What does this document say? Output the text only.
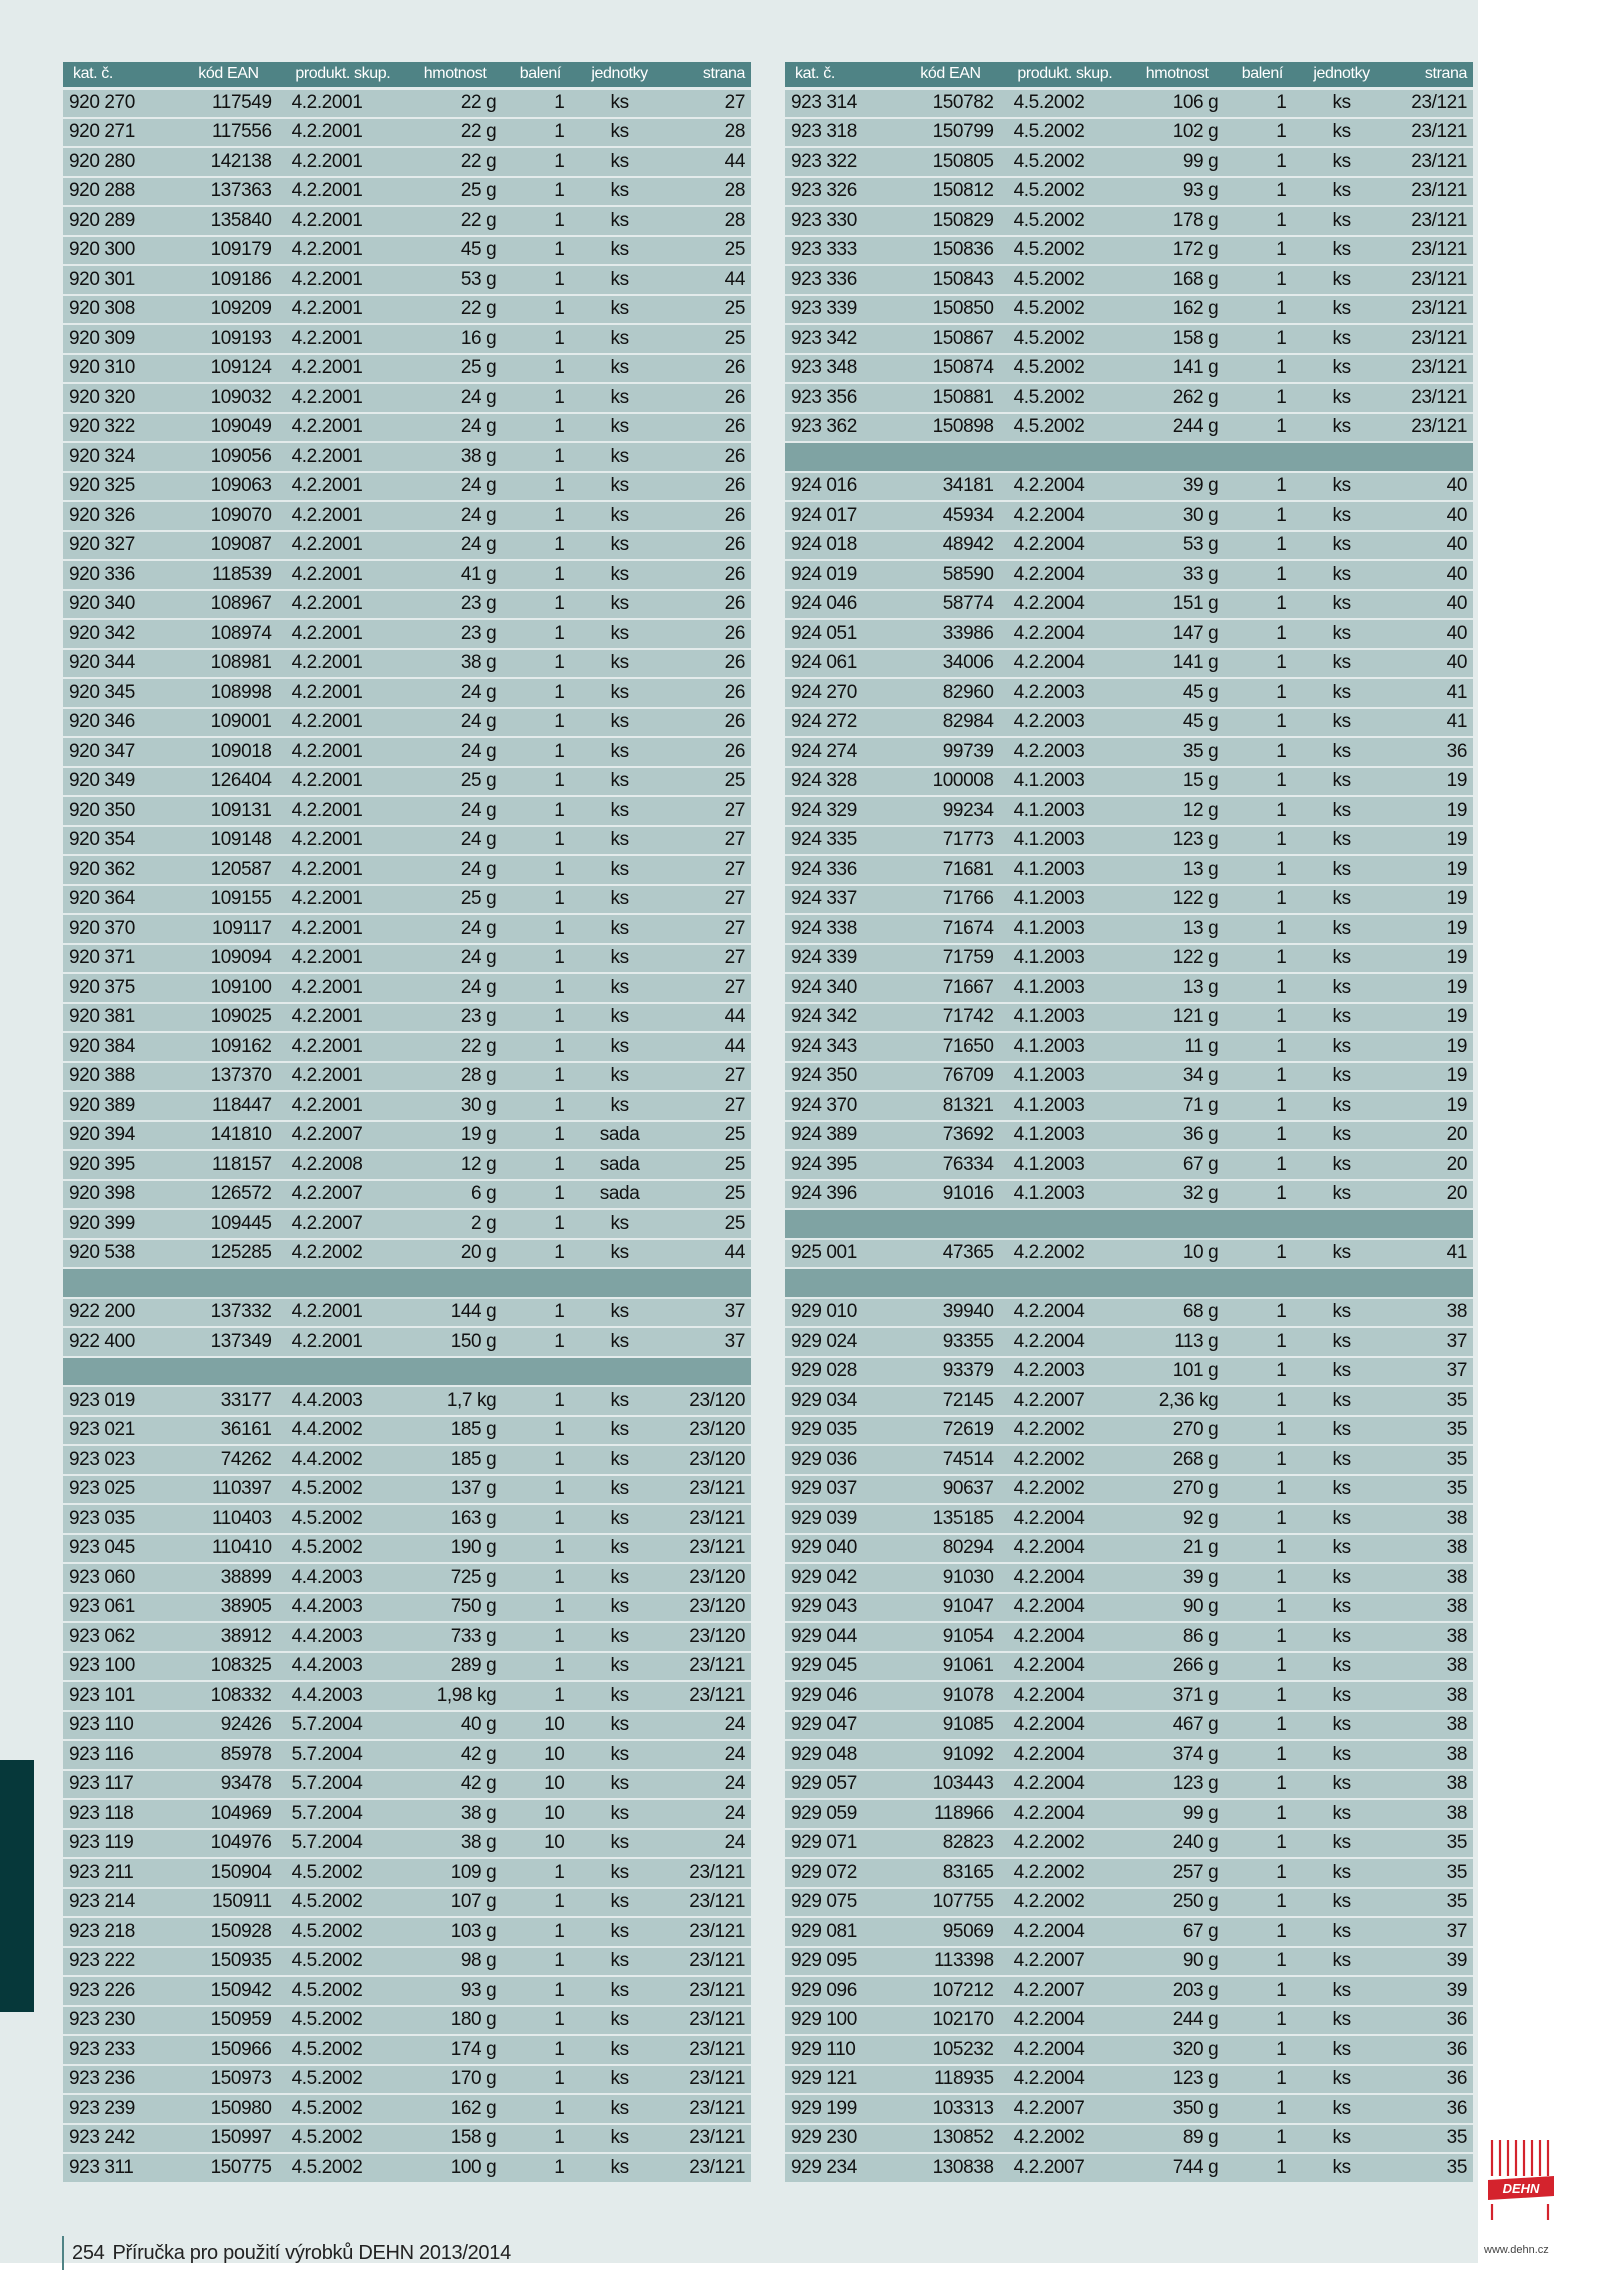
kat. č.	kód EAN	produkt. skup.	hmotnost	balení	jednotky	strana
920 270	117549	4.2.2001	22 g	1	ks	27
920 271	117556	4.2.2001	22 g	1	ks	28
920 280	142138	4.2.2001	22 g	1	ks	44
920 288	137363	4.2.2001	25 g	1	ks	28
920 289	135840	4.2.2001	22 g	1	ks	28
920 300	109179	4.2.2001	45 g	1	ks	25
920 301	109186	4.2.2001	53 g	1	ks	44
920 308	109209	4.2.2001	22 g	1	ks	25
920 309	109193	4.2.2001	16 g	1	ks	25
920 310	109124	4.2.2001	25 g	1	ks	26
920 320	109032	4.2.2001	24 g	1	ks	26
920 322	109049	4.2.2001	24 g	1	ks	26
920 324	109056	4.2.2001	38 g	1	ks	26
920 325	109063	4.2.2001	24 g	1	ks	26
920 326	109070	4.2.2001	24 g	1	ks	26
920 327	109087	4.2.2001	24 g	1	ks	26
920 336	118539	4.2.2001	41 g	1	ks	26
920 340	108967	4.2.2001	23 g	1	ks	26
920 342	108974	4.2.2001	23 g	1	ks	26
920 344	108981	4.2.2001	38 g	1	ks	26
920 345	108998	4.2.2001	24 g	1	ks	26
920 346	109001	4.2.2001	24 g	1	ks	26
920 347	109018	4.2.2001	24 g	1	ks	26
920 349	126404	4.2.2001	25 g	1	ks	25
920 350	109131	4.2.2001	24 g	1	ks	27
920 354	109148	4.2.2001	24 g	1	ks	27
920 362	120587	4.2.2001	24 g	1	ks	27
920 364	109155	4.2.2001	25 g	1	ks	27
920 370	109117	4.2.2001	24 g	1	ks	27
920 371	109094	4.2.2001	24 g	1	ks	27
920 375	109100	4.2.2001	24 g	1	ks	27
920 381	109025	4.2.2001	23 g	1	ks	44
920 384	109162	4.2.2001	22 g	1	ks	44
920 388	137370	4.2.2001	28 g	1	ks	27
920 389	118447	4.2.2001	30 g	1	ks	27
920 394	141810	4.2.2007	19 g	1	sada	25
920 395	118157	4.2.2008	12 g	1	sada	25
920 398	126572	4.2.2007	6 g	1	sada	25
920 399	109445	4.2.2007	2 g	1	ks	25
920 538	125285	4.2.2002	20 g	1	ks	44

922 200	137332	4.2.2001	144 g	1	ks	37
922 400	137349	4.2.2001	150 g	1	ks	37

923 019	33177	4.4.2003	1,7 kg	1	ks	23/120
923 021	36161	4.4.2002	185 g	1	ks	23/120
923 023	74262	4.4.2002	185 g	1	ks	23/120
923 025	110397	4.5.2002	137 g	1	ks	23/121
923 035	110403	4.5.2002	163 g	1	ks	23/121
923 045	110410	4.5.2002	190 g	1	ks	23/121
923 060	38899	4.4.2003	725 g	1	ks	23/120
923 061	38905	4.4.2003	750 g	1	ks	23/120
923 062	38912	4.4.2003	733 g	1	ks	23/120
923 100	108325	4.4.2003	289 g	1	ks	23/121
923 101	108332	4.4.2003	1,98 kg	1	ks	23/121
923 110	92426	5.7.2004	40 g	10	ks	24
923 116	85978	5.7.2004	42 g	10	ks	24
923 117	93478	5.7.2004	42 g	10	ks	24
923 118	104969	5.7.2004	38 g	10	ks	24
923 119	104976	5.7.2004	38 g	10	ks	24
923 211	150904	4.5.2002	109 g	1	ks	23/121
923 214	150911	4.5.2002	107 g	1	ks	23/121
923 218	150928	4.5.2002	103 g	1	ks	23/121
923 222	150935	4.5.2002	98 g	1	ks	23/121
923 226	150942	4.5.2002	93 g	1	ks	23/121
923 230	150959	4.5.2002	180 g	1	ks	23/121
923 233	150966	4.5.2002	174 g	1	ks	23/121
923 236	150973	4.5.2002	170 g	1	ks	23/121
923 239	150980	4.5.2002	162 g	1	ks	23/121
923 242	150997	4.5.2002	158 g	1	ks	23/121
923 311	150775	4.5.2002	100 g	1	ks	23/121
kat. č.	kód EAN	produkt. skup.	hmotnost	balení	jednotky	strana
923 314	150782	4.5.2002	106 g	1	ks	23/121
923 318	150799	4.5.2002	102 g	1	ks	23/121
923 322	150805	4.5.2002	99 g	1	ks	23/121
923 326	150812	4.5.2002	93 g	1	ks	23/121
923 330	150829	4.5.2002	178 g	1	ks	23/121
923 333	150836	4.5.2002	172 g	1	ks	23/121
923 336	150843	4.5.2002	168 g	1	ks	23/121
923 339	150850	4.5.2002	162 g	1	ks	23/121
923 342	150867	4.5.2002	158 g	1	ks	23/121
923 348	150874	4.5.2002	141 g	1	ks	23/121
923 356	150881	4.5.2002	262 g	1	ks	23/121
923 362	150898	4.5.2002	244 g	1	ks	23/121

924 016	34181	4.2.2004	39 g	1	ks	40
924 017	45934	4.2.2004	30 g	1	ks	40
924 018	48942	4.2.2004	53 g	1	ks	40
924 019	58590	4.2.2004	33 g	1	ks	40
924 046	58774	4.2.2004	151 g	1	ks	40
924 051	33986	4.2.2004	147 g	1	ks	40
924 061	34006	4.2.2004	141 g	1	ks	40
924 270	82960	4.2.2003	45 g	1	ks	41
924 272	82984	4.2.2003	45 g	1	ks	41
924 274	99739	4.2.2003	35 g	1	ks	36
924 328	100008	4.1.2003	15 g	1	ks	19
924 329	99234	4.1.2003	12 g	1	ks	19
924 335	71773	4.1.2003	123 g	1	ks	19
924 336	71681	4.1.2003	13 g	1	ks	19
924 337	71766	4.1.2003	122 g	1	ks	19
924 338	71674	4.1.2003	13 g	1	ks	19
924 339	71759	4.1.2003	122 g	1	ks	19
924 340	71667	4.1.2003	13 g	1	ks	19
924 342	71742	4.1.2003	121 g	1	ks	19
924 343	71650	4.1.2003	11 g	1	ks	19
924 350	76709	4.1.2003	34 g	1	ks	19
924 370	81321	4.1.2003	71 g	1	ks	19
924 389	73692	4.1.2003	36 g	1	ks	20
924 395	76334	4.1.2003	67 g	1	ks	20
924 396	91016	4.1.2003	32 g	1	ks	20

925 001	47365	4.2.2002	10 g	1	ks	41

929 010	39940	4.2.2004	68 g	1	ks	38
929 024	93355	4.2.2004	113 g	1	ks	37
929 028	93379	4.2.2003	101 g	1	ks	37
929 034	72145	4.2.2007	2,36 kg	1	ks	35
929 035	72619	4.2.2002	270 g	1	ks	35
929 036	74514	4.2.2002	268 g	1	ks	35
929 037	90637	4.2.2002	270 g	1	ks	35
929 039	135185	4.2.2004	92 g	1	ks	38
929 040	80294	4.2.2004	21 g	1	ks	38
929 042	91030	4.2.2004	39 g	1	ks	38
929 043	91047	4.2.2004	90 g	1	ks	38
929 044	91054	4.2.2004	86 g	1	ks	38
929 045	91061	4.2.2004	266 g	1	ks	38
929 046	91078	4.2.2004	371 g	1	ks	38
929 047	91085	4.2.2004	467 g	1	ks	38
929 048	91092	4.2.2004	374 g	1	ks	38
929 057	103443	4.2.2004	123 g	1	ks	38
929 059	118966	4.2.2004	99 g	1	ks	38
929 071	82823	4.2.2002	240 g	1	ks	35
929 072	83165	4.2.2002	257 g	1	ks	35
929 075	107755	4.2.2002	250 g	1	ks	35
929 081	95069	4.2.2004	67 g	1	ks	37
929 095	113398	4.2.2007	90 g	1	ks	39
929 096	107212	4.2.2007	203 g	1	ks	39
929 100	102170	4.2.2004	244 g	1	ks	36
929 110	105232	4.2.2004	320 g	1	ks	36
929 121	118935	4.2.2004	123 g	1	ks	36
929 199	103313	4.2.2007	350 g	1	ks	36
929 230	130852	4.2.2002	89 g	1	ks	35
929 234	130838	4.2.2007	744 g	1	ks	35
254 Příručka pro použití výrobků DEHN 2013/2014
DEHN
www.dehn.cz
